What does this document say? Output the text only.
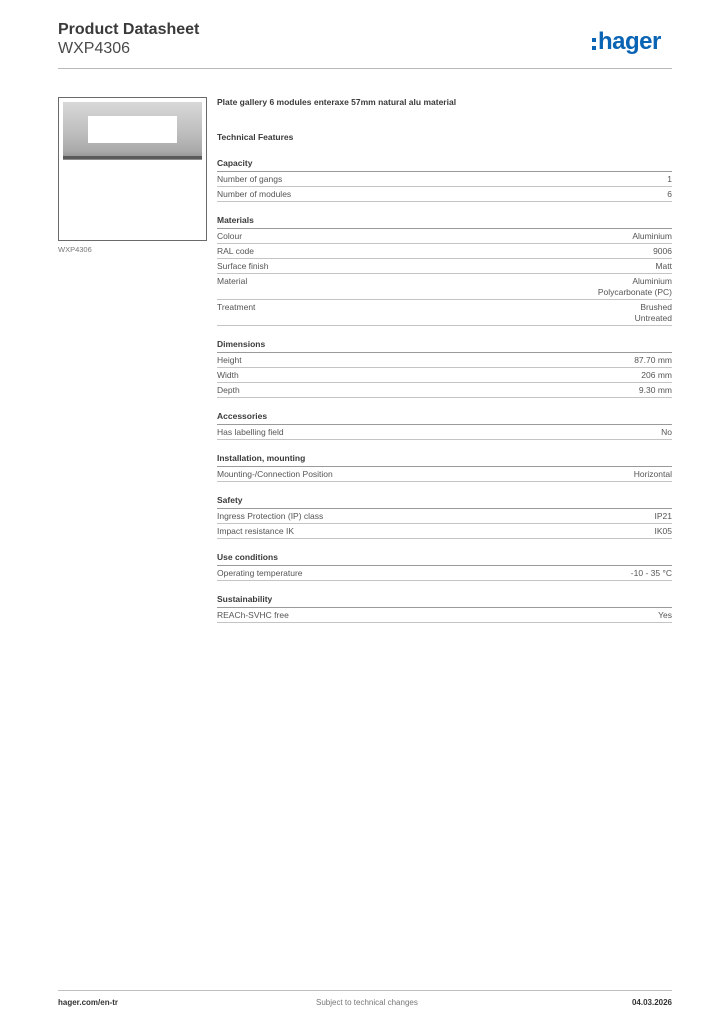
Product Datasheet
WXP4306	hager
WXP4306
Plate gallery 6 modules enteraxe 57mm natural alu material
Technical Features
Capacity
Number of gangs	1
Number of modules	6
Materials
Colour	Aluminium
RAL code	9006
Surface finish	Matt
Material	Aluminium
Polycarbonate (PC)
Treatment	Brushed
Untreated
Dimensions
Height	87.70 mm
Width	206 mm
Depth	9.30 mm
Accessories
Has labelling field	No
Installation, mounting
Mounting-/Connection Position	Horizontal
Safety
Ingress Protection (IP) class	IP21
Impact resistance IK	IK05
Use conditions
Operating temperature	-10 - 35 °C
Sustainability
REACh-SVHC free	Yes
hager.com/en-tr	Subject to technical changes	04.03.2026
